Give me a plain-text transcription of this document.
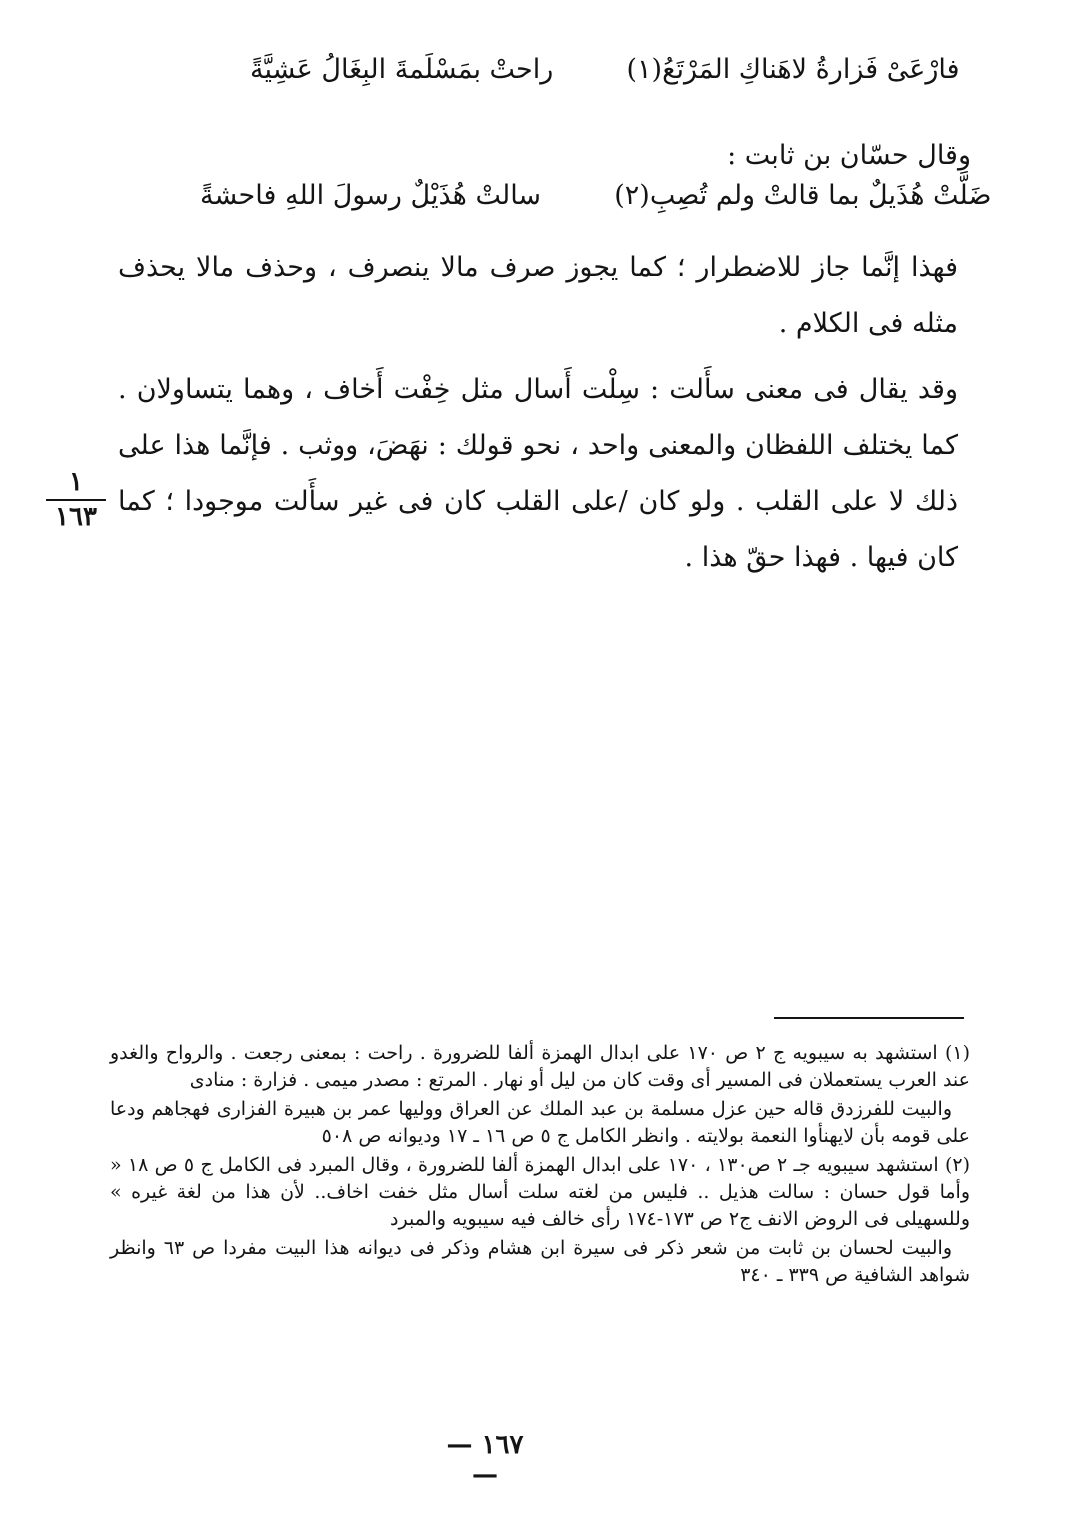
راحتْ بمَسْلَمةَ البِغَالُ عَشِيَّةً	فارْعَىْ فَزارةُ لاهَناكِ المَرْتَعُ(١)
وقال حسّان بن ثابت :
سالتْ هُذَيْلٌ رسولَ اللهِ فاحشةً	ضَلَّتْ هُذَيلٌ بما قالتْ ولم تُصِبِ(٢)

فهذا إنَّما جاز للاضطرار ؛ كما يجوز صرف مالا ينصرف ، وحذف مالا يحذف مثله فى الكلام .

وقد يقال فى معنى سأَلت : سِلْت أَسال مثل خِفْت أَخاف ، وهما يتساولان . كما يختلف اللفظان والمعنى واحد ، نحو قولك : نهَضَ، ووثب . فإنَّما هذا على ذلك لا على القلب . ولو كان /على القلب كان فى غير سأَلت موجودا ؛ كما كان فيها . فهذا حقّ هذا .

١
١٦٣

(١) استشهد به سيبويه ج ٢ ص ١٧٠ على ابدال الهمزة ألفا للضرورة . راحت : بمعنى رجعت . والرواح والغدو عند العرب يستعملان فى المسير أى وقت كان من ليل أو نهار . المرتع : مصدر ميمى . فزارة : منادى

والبيت للفرزدق قاله حين عزل مسلمة بن عبد الملك عن العراق ووليها عمر بن هبيرة الفزارى فهجاهم ودعا على قومه بأن لايهنأوا النعمة بولايته . وانظر الكامل ج ٥ ص ١٦ ـ ١٧ وديوانه ص ٥٠٨

(٢) استشهد سيبويه جـ ٢ ص١٣٠ ، ١٧٠ على ابدال الهمزة ألفا للضرورة ، وقال المبرد فى الكامل ج ٥ ص ١٨ « وأما قول حسان : سالت هذيل .. فليس من لغته سلت أسال مثل خفت اخاف.. لأن هذا من لغة غيره » وللسهيلى فى الروض الانف ج٢ ص ١٧٣-١٧٤ رأى خالف فيه سيبويه والمبرد

والبيت لحسان بن ثابت من شعر ذكر فى سيرة ابن هشام وذكر فى ديوانه هذا البيت مفردا ص ٦٣ وانظر شواهد الشافية ص ٣٣٩ ـ ٣٤٠

— ١٦٧ —
